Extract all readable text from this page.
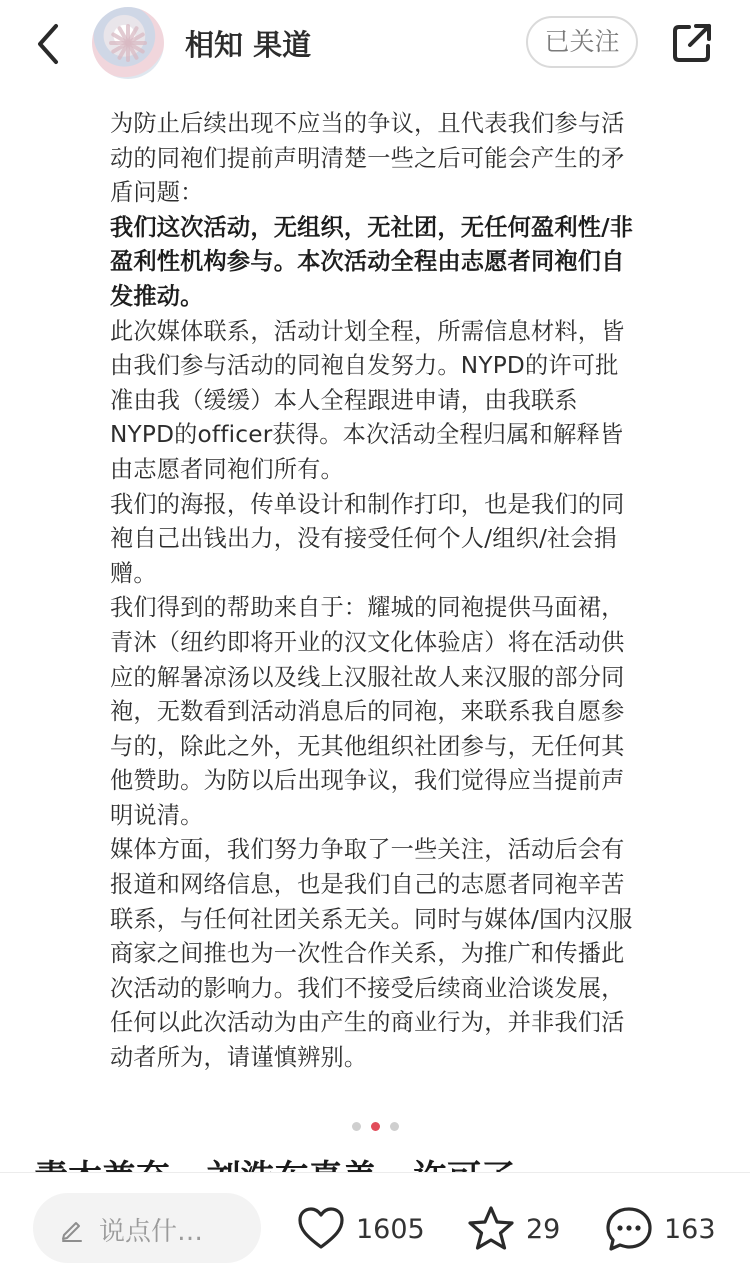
相知 果道	已关注

为防止后续出现不应当的争议，且代表我们参与活动的同袍们提前声明清楚一些之后可能会产生的矛盾问题：

我们这次活动，无组织，无社团，无任何盈利性/非盈利性机构参与。本次活动全程由志愿者同袍们自发推动。

此次媒体联系，活动计划全程，所需信息材料，皆由我们参与活动的同袍自发努力。NYPD的许可批准由我（缓缓）本人全程跟进申请，由我联系NYPD的officer获得。本次活动全程归属和解释皆由志愿者同袍们所有。

我们的海报，传单设计和制作打印，也是我们的同袍自己出钱出力，没有接受任何个人/组织/社会捐赠。

我们得到的帮助来自于：耀城的同袍提供马面裙，青沐（纽约即将开业的汉文化体验店）将在活动供应的解暑凉汤以及线上汉服社故人来汉服的部分同袍，无数看到活动消息后的同袍，来联系我自愿参与的，除此之外，无其他组织社团参与，无任何其他赞助。为防以后出现争议，我们觉得应当提前声明说清。

媒体方面，我们努力争取了一些关注，活动后会有报道和网络信息，也是我们自己的志愿者同袍辛苦联系，与任何社团关系无关。同时与媒体/国内汉服商家之间推也为一次性合作关系，为推广和传播此次活动的影响力。我们不接受后续商业洽谈发展，任何以此次活动为由产生的商业行为，并非我们活动者所为，请谨慎辨别。

说点什…	1605	29	163
